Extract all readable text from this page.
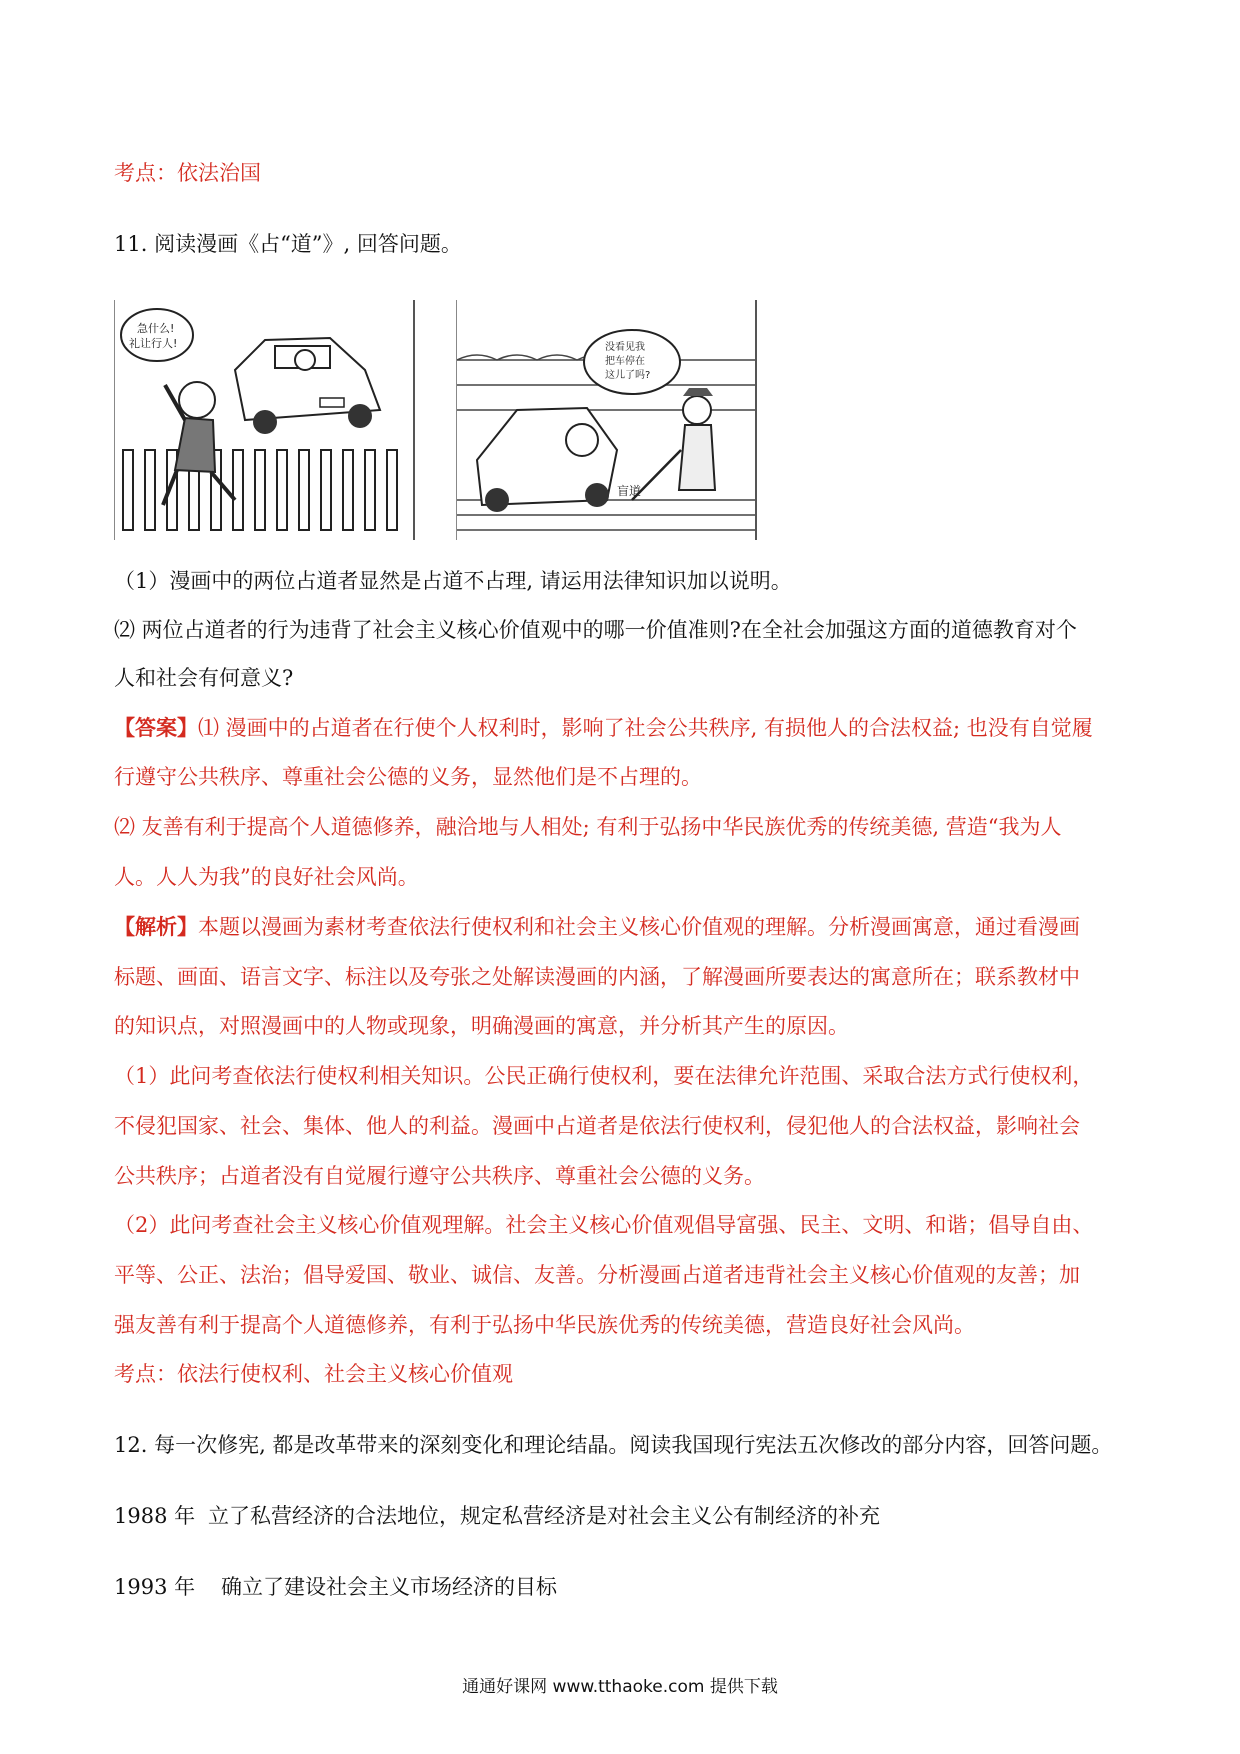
考点：依法治国
11. 阅读漫画《占“道”》, 回答问题。
急什么!
礼让行人!	没看见我
把车停在
这儿了吗?
盲道
（1）漫画中的两位占道者显然是占道不占理, 请运用法律知识加以说明。
⑵ 两位占道者的行为违背了社会主义核心价值观中的哪一价值准则?在全社会加强这方面的道德教育对个
人和社会有何意义?
【答案】⑴ 漫画中的占道者在行使个人权利时，影响了社会公共秩序, 有损他人的合法权益; 也没有自觉履
行遵守公共秩序、尊重社会公德的义务，显然他们是不占理的。
⑵ 友善有利于提高个人道德修养，融洽地与人相处; 有利于弘扬中华民族优秀的传统美德, 营造“我为人
人。人人为我”的良好社会风尚。
【解析】本题以漫画为素材考查依法行使权利和社会主义核心价值观的理解。分析漫画寓意，通过看漫画
标题、画面、语言文字、标注以及夸张之处解读漫画的内涵，了解漫画所要表达的寓意所在；联系教材中
的知识点，对照漫画中的人物或现象，明确漫画的寓意，并分析其产生的原因。
（1）此问考查依法行使权利相关知识。公民正确行使权利，要在法律允许范围、采取合法方式行使权利，
不侵犯国家、社会、集体、他人的利益。漫画中占道者是依法行使权利，侵犯他人的合法权益，影响社会
公共秩序；占道者没有自觉履行遵守公共秩序、尊重社会公德的义务。
（2）此问考查社会主义核心价值观理解。社会主义核心价值观倡导富强、民主、文明、和谐；倡导自由、
平等、公正、法治；倡导爱国、敬业、诚信、友善。分析漫画占道者违背社会主义核心价值观的友善；加
强友善有利于提高个人道德修养，有利于弘扬中华民族优秀的传统美德，营造良好社会风尚。
考点：依法行使权利、社会主义核心价值观
12. 每一次修宪, 都是改革带来的深刻变化和理论结晶。阅读我国现行宪法五次修改的部分内容，回答问题。
1988 年 立了私营经济的合法地位，规定私营经济是对社会主义公有制经济的补充
1993 年 确立了建设社会主义市场经济的目标
通通好课网 www.tthaoke.com 提供下载
